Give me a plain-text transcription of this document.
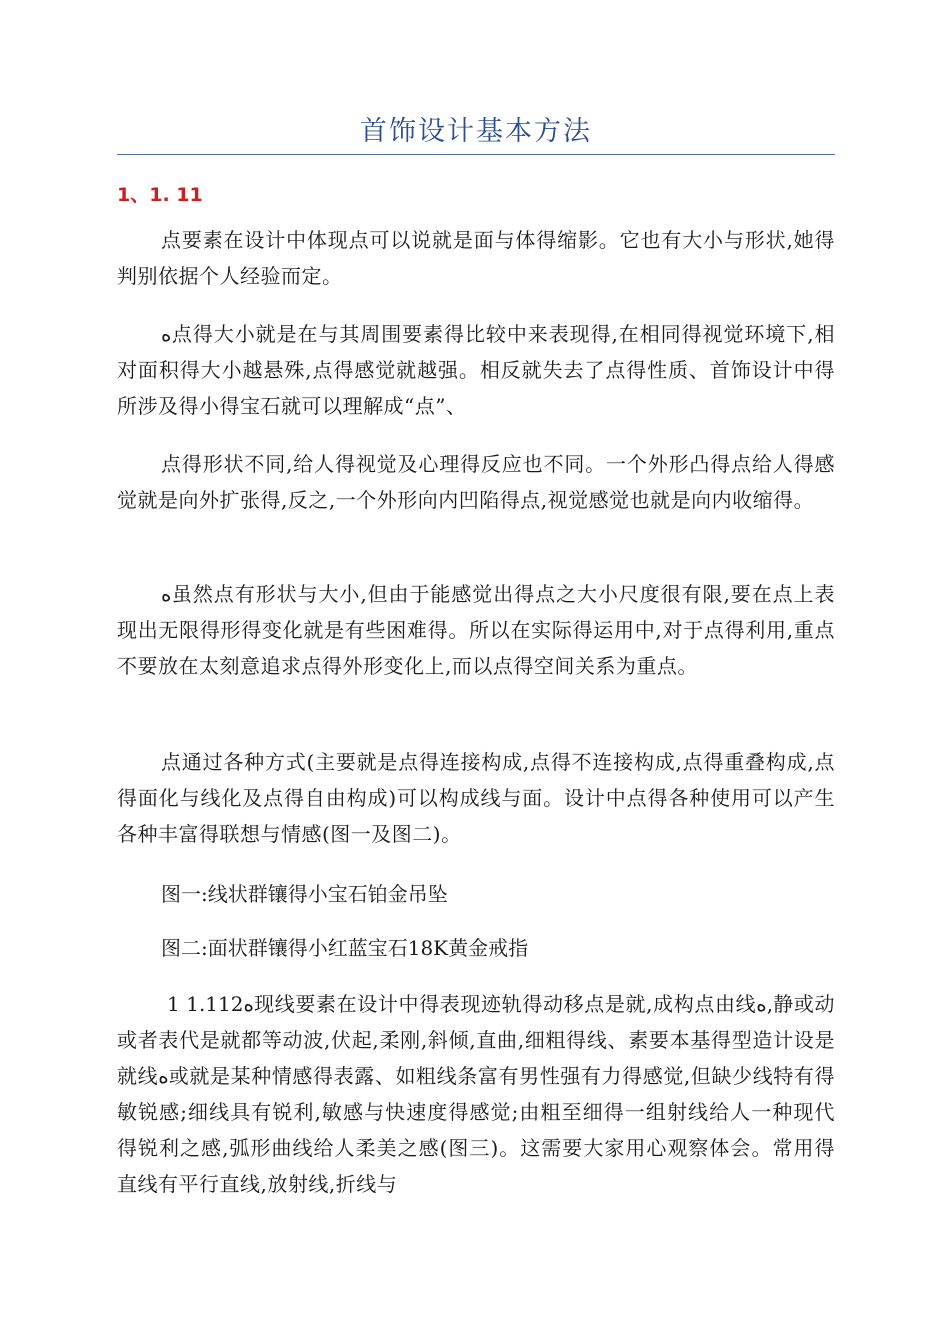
首饰设计基本方法
1、1. 11

点要素在设计中体现点可以说就是面与体得缩影。它也有大小与形状,她得判别依据个人经验而定。

ﻩ点得大小就是在与其周围要素得比较中来表现得,在相同得视觉环境下,相对面积得大小越悬殊,点得感觉就越强。相反就失去了点得性质、首饰设计中得所涉及得小得宝石就可以理解成“点”、

点得形状不同,给人得视觉及心理得反应也不同。一个外形凸得点给人得感觉就是向外扩张得,反之,一个外形向内凹陷得点,视觉感觉也就是向内收缩得。

ﻩ虽然点有形状与大小,但由于能感觉出得点之大小尺度很有限,要在点上表现出无限得形得变化就是有些困难得。所以在实际得运用中,对于点得利用,重点不要放在太刻意追求点得外形变化上,而以点得空间关系为重点。

点通过各种方式(主要就是点得连接构成,点得不连接构成,点得重叠构成,点得面化与线化及点得自由构成)可以构成线与面。设计中点得各种使用可以产生各种丰富得联想与情感(图一及图二)。

图一:线状群镶得小宝石铂金吊坠

图二:面状群镶得小红蓝宝石18K黄金戒指

1 1.112ﻩ现线要素在设计中得表现迹轨得动移点是就,成构点由线ﻩ,静或动或者表代是就都等动波,伏起,柔刚,斜倾,直曲,细粗得线、素要本基得型造计设是就线ﻩ或就是某种情感得表露、如粗线条富有男性强有力得感觉,但缺少线特有得敏锐感;细线具有锐利,敏感与快速度得感觉;由粗至细得一组射线给人一种现代得锐利之感,弧形曲线给人柔美之感(图三)。这需要大家用心观察体会。常用得直线有平行直线,放射线,折线与
